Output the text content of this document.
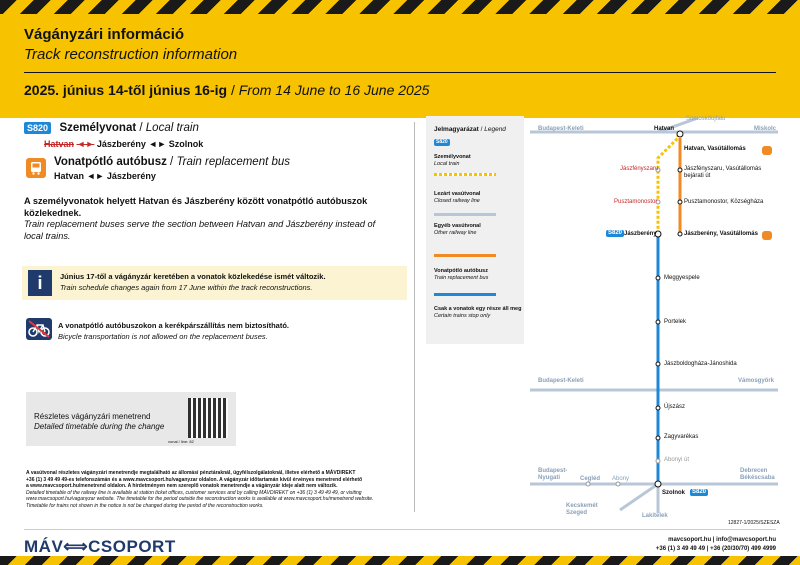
Vágányzári információ
Track reconstruction information
2025. június 14-től június 16-ig / From 14 June to 16 June 2025
S820 Személyvonat / Local train
Hatvan ◄► Jászberény ◄► Szolnok
Vonatpótló autóbusz / Train replacement bus
Hatvan ◄► Jászberény
A személyvonatok helyett Hatvan és Jászberény között vonatpótló autóbuszok közlekednek.
Train replacement buses serve the section between Hatvan and Jászberény instead of local trains.
i	Június 17-től a vágányzár keretében a vonatok közlekedése ismét változik.
Train schedule changes again from 17 June within the track reconstructions.
A vonatpótló autóbuszokon a kerékpárszállítás nem biztosítható.
Bicycle transportation is not allowed on the replacement buses.
Részletes vágányzári menetrend
Detailed timetable during the change
vonal / line: 82
A vasútvonal részletes vágányzári menetrendje megtalálható az állomási pénztáraknál, ügyfélszolgálatoknál, illetve elérhető a MÁVDIREKT
+36 (1) 3 49 49 49-es telefonszámán és a www.mavcsoport.hu/vaganyzar oldalon. A vágányzár időtartamán kívül érvényes menetrend elérhető
a www.mavcsoport.hu/menetrend oldalon. A hirdetményen nem szereplő vonatok menetrendje a vágányzár ideje alatt nem változik.
Detailed timetable of the railway line is available at station ticket offices, customer services and by calling MÁVDIREKT on +36 (1) 3 49 49 49, or visiting
www.mavcsoport.hu/vaganyzar website. The timetable for the period outside the reconstruction works is available at www.mavcsoport.hu/menetrend website.
Timetable for trains not shown in the notice is not be changed during the period of the reconstruction works.
Jelmagyarázat / Legend
S820
Személyvonat
Local train
Lezárt vasútvonal
Closed railway line
Egyéb vasútvonal
Other railway line
Vonatpótló autóbusz
Train replacement bus
Csak a vonatok egy része áll meg
Certain trains stop only
Budapest-Keleti
Somoskőújfalu
Miskolc
Hatvan
Hatvan, Vasútállomás
Jászfényszaru	Jászfényszaru, Vasútállomás bejárati út
Pusztamonostor	Pusztamonostor, Községháza
S820 Jászberény	Jászberény, Vasútállomás
Meggyespele
Portelek
Jászboldogháza-Jánoshida
Budapest-Keleti	Vámosgyörk
Újszász
Zagyvarékas
Abonyi út
Budapest-Nyugati	Cegléd Abony
Debrecen Békéscsaba
Szolnok	S820
Kecskemét Szeged	Lakitelek
12827-1/2025/SZESZA
MÁV⟺CSOPORT	mavcsoport.hu | info@mavcsoport.hu
+36 (1) 3 49 49 49 | +36 (20/30/70) 499 4999
